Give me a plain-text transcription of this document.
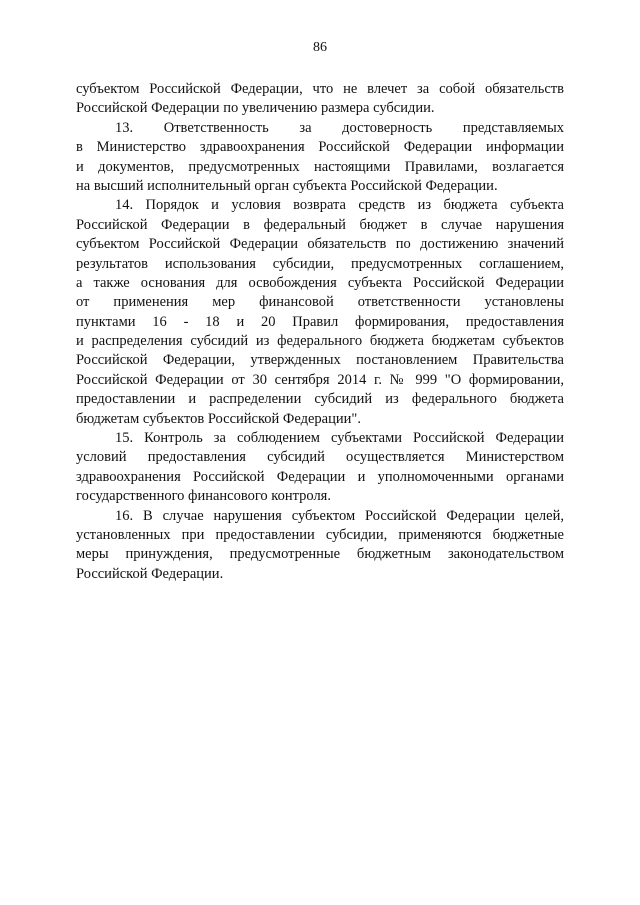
86
субъектом Российской Федерации, что не влечет за собой обязательств
Российской Федерации по увеличению размера субсидии.
13. Ответственность за достоверность представляемых
в Министерство здравоохранения Российской Федерации информации
и документов, предусмотренных настоящими Правилами, возлагается
на высший исполнительный орган субъекта Российской Федерации.
14. Порядок и условия возврата средств из бюджета субъекта
Российской Федерации в федеральный бюджет в случае нарушения
субъектом Российской Федерации обязательств по достижению значений
результатов использования субсидии, предусмотренных соглашением,
а также основания для освобождения субъекта Российской Федерации
от применения мер финансовой ответственности установлены
пунктами 16 - 18 и 20 Правил формирования, предоставления
и распределения субсидий из федерального бюджета бюджетам субъектов
Российской Федерации, утвержденных постановлением Правительства
Российской Федерации от 30 сентября 2014 г. № 999 "О формировании,
предоставлении и распределении субсидий из федерального бюджета
бюджетам субъектов Российской Федерации".
15. Контроль за соблюдением субъектами Российской Федерации
условий предоставления субсидий осуществляется Министерством
здравоохранения Российской Федерации и уполномоченными органами
государственного финансового контроля.
16. В случае нарушения субъектом Российской Федерации целей,
установленных при предоставлении субсидии, применяются бюджетные
меры принуждения, предусмотренные бюджетным законодательством
Российской Федерации.
